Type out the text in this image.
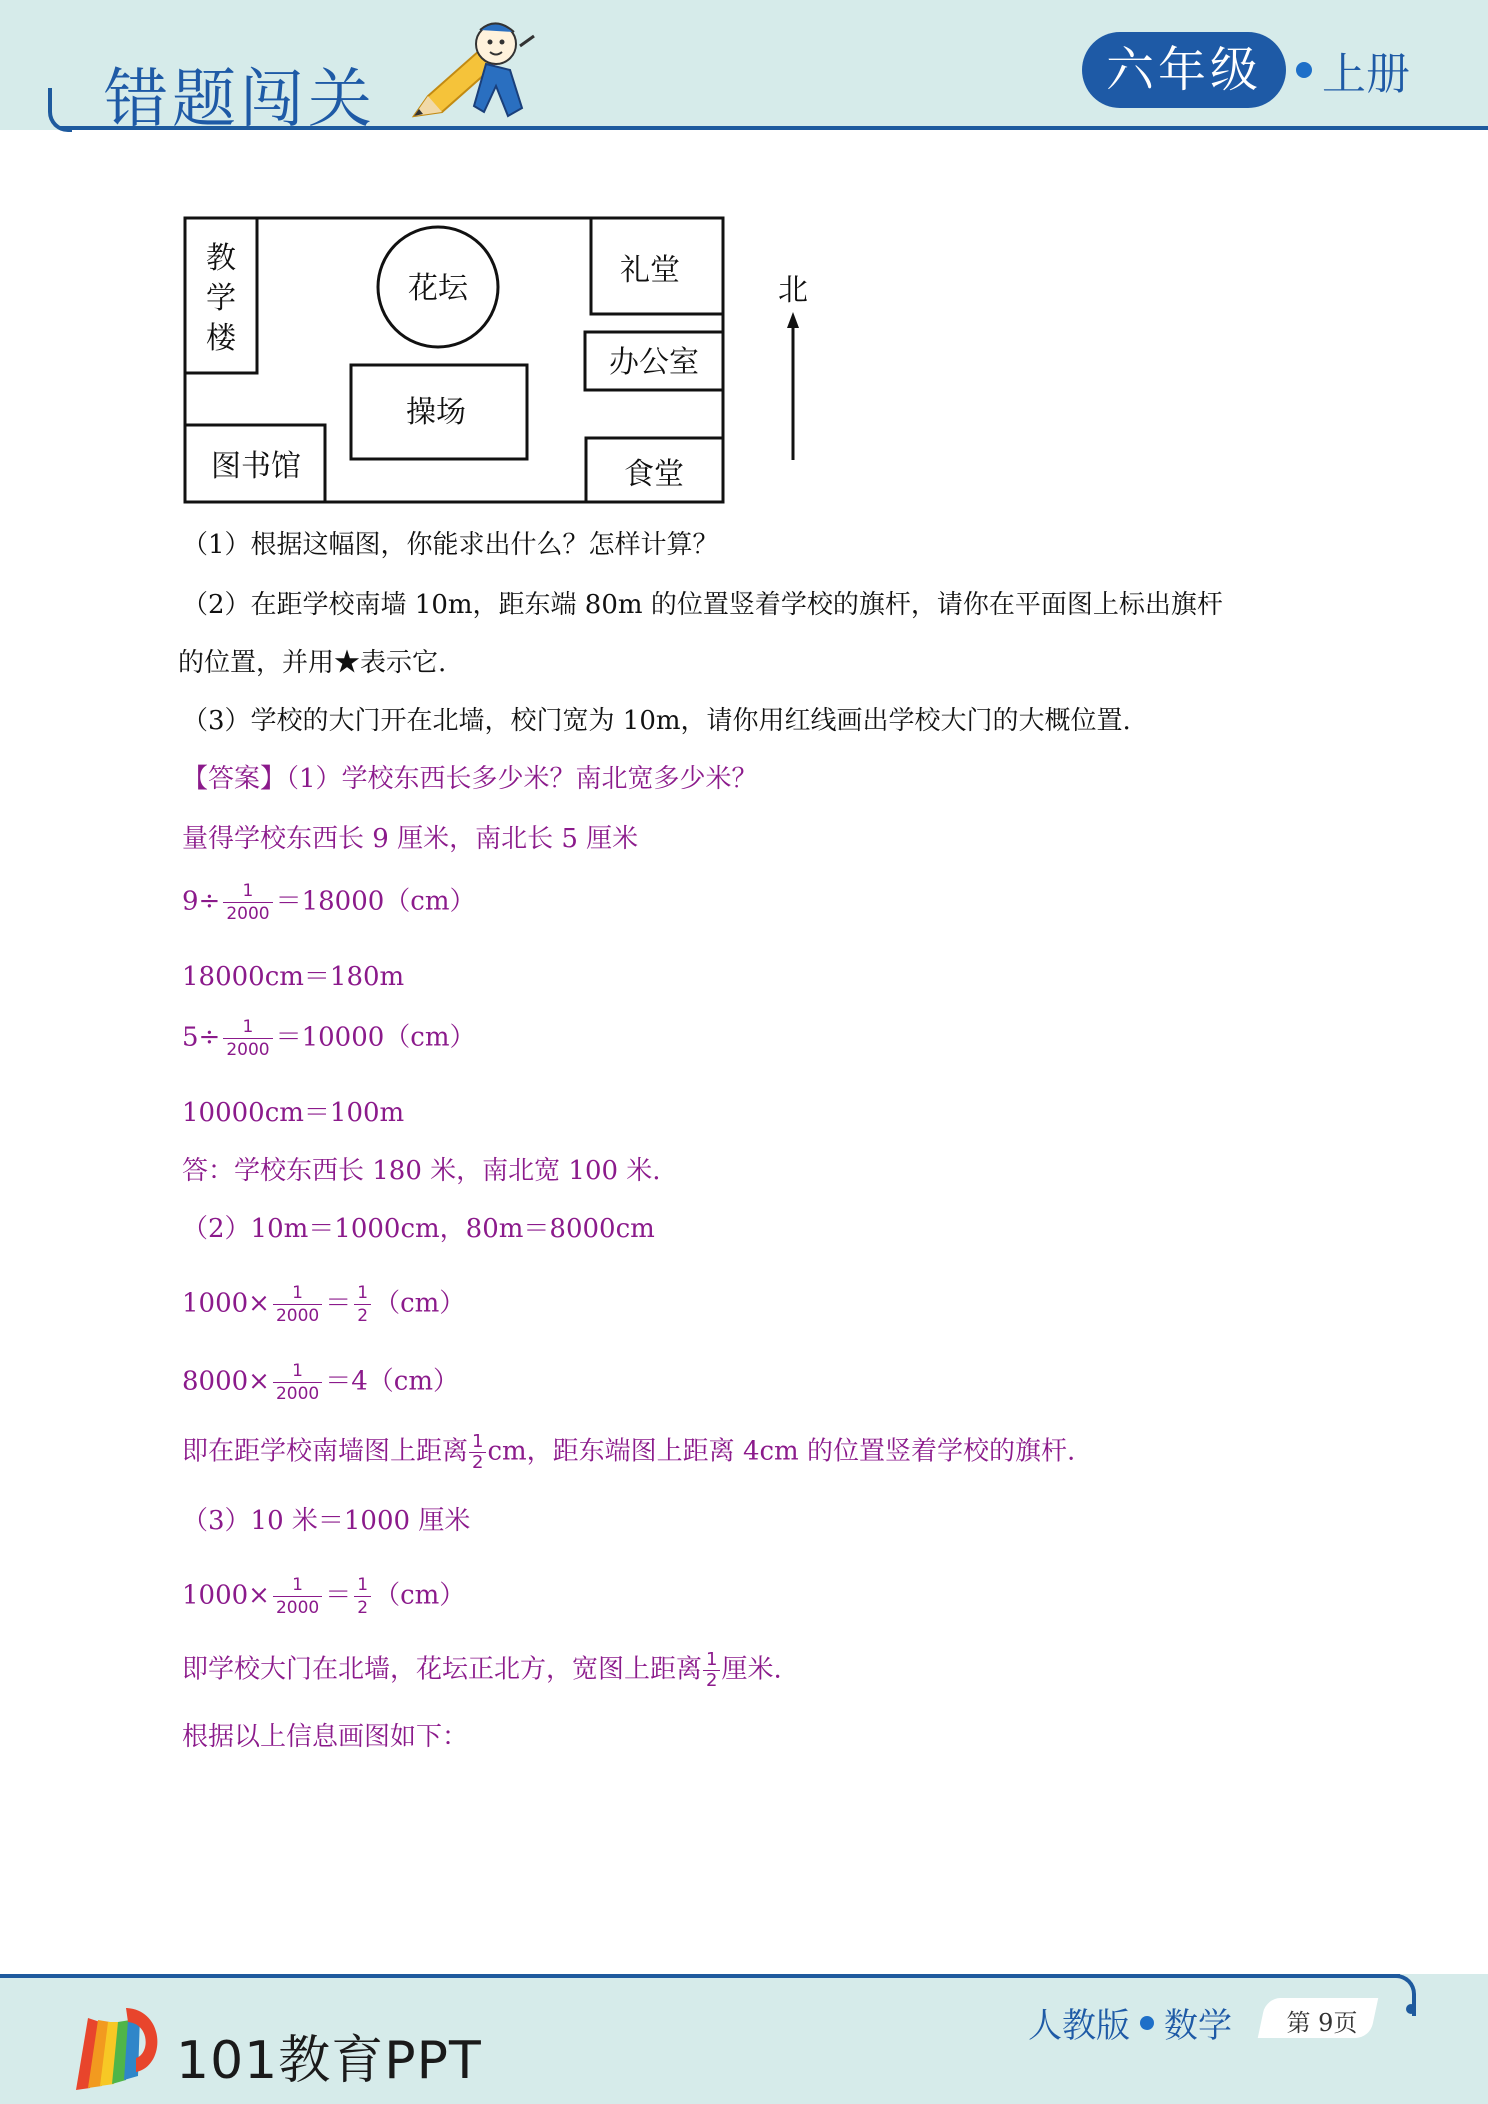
错题闯关	六年级	上册
教
学
楼
花坛
礼堂
办公室
操场
图书馆	食堂
北
（1）根据这幅图，你能求出什么？怎样计算？
（2）在距学校南墙 10m，距东端 80m 的位置竖着学校的旗杆，请你在平面图上标出旗杆
的位置，并用★表示它.
（3）学校的大门开在北墙，校门宽为 10m，请你用红线画出学校大门的大概位置.
【答案】（1）学校东西长多少米？南北宽多少米？
量得学校东西长 9 厘米，南北长 5 厘米
$9\div \frac{1}{2000} =18000(cm)$
18000cm＝180m
$5\div \frac{1}{2000} =10000(cm)$
10000cm＝100m
答：学校东西长 180 米，南北宽 100 米.
（2）10m＝1000cm，80m＝8000cm
$1000\times \frac{1}{2000} = \frac{1}{2} (cm)$
$8000\times \frac{1}{2000} =4(cm)$
即在距学校南墙图上距离 $\frac{1}{2}$ cm，距东端图上距离 4cm 的位置竖着学校的旗杆.
（3）10 米＝1000 厘米
$1000\times \frac{1}{2000} = \frac{1}{2} (cm)$
即学校大门在北墙，花坛正北方，宽图上距离 $\frac{1}{2}$ 厘米.
根据以上信息画图如下：
101教育PPT
人教版 数学	第 9页
